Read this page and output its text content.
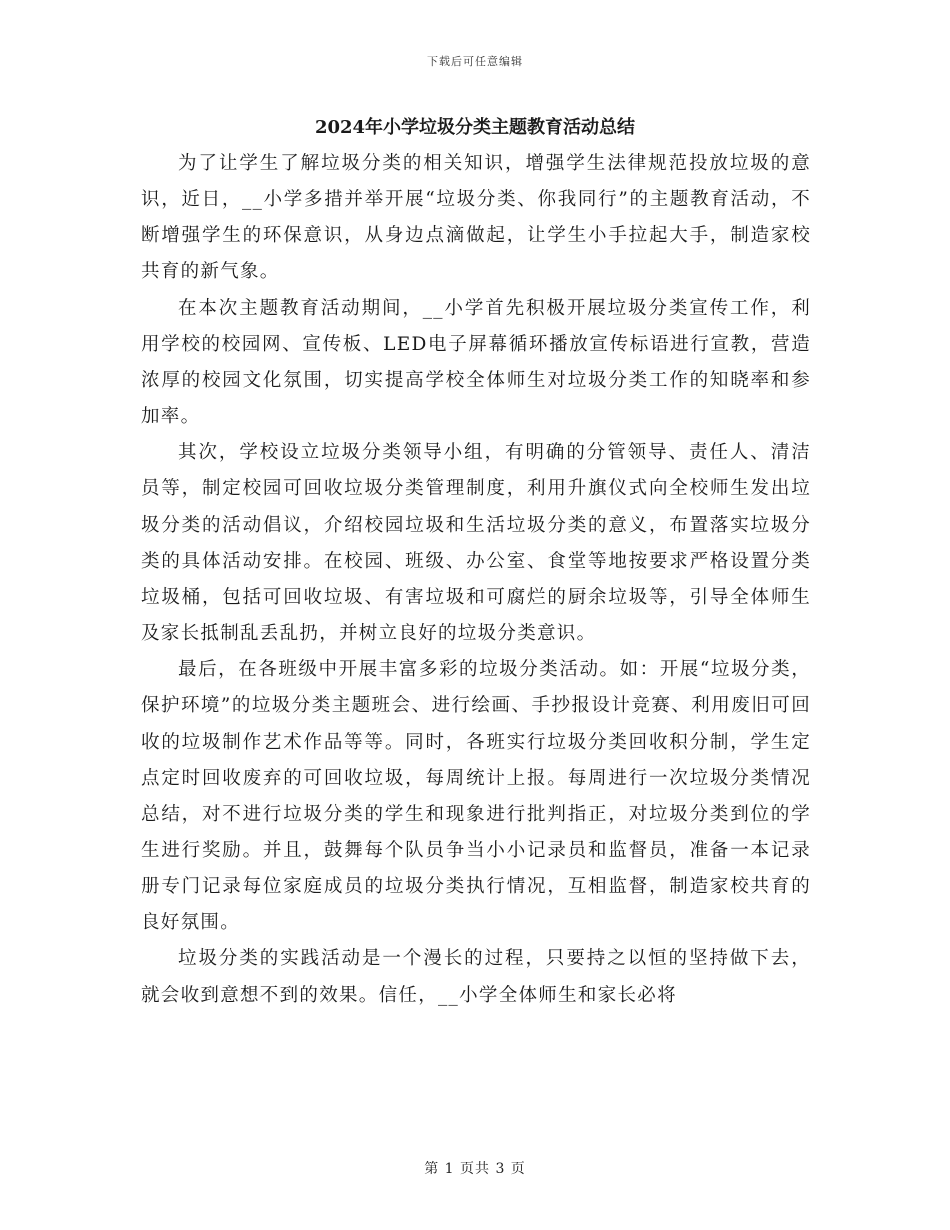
下载后可任意编辑
2024年小学垃圾分类主题教育活动总结

为了让学生了解垃圾分类的相关知识，增强学生法律规范投放垃圾的意识，近日，__小学多措并举开展“垃圾分类、你我同行”的主题教育活动，不断增强学生的环保意识，从身边点滴做起，让学生小手拉起大手，制造家校共育的新气象。

在本次主题教育活动期间，__小学首先积极开展垃圾分类宣传工作，利用学校的校园网、宣传板、LED电子屏幕循环播放宣传标语进行宣教，营造浓厚的校园文化氛围，切实提高学校全体师生对垃圾分类工作的知晓率和参加率。

其次，学校设立垃圾分类领导小组，有明确的分管领导、责任人、清洁员等，制定校园可回收垃圾分类管理制度，利用升旗仪式向全校师生发出垃圾分类的活动倡议，介绍校园垃圾和生活垃圾分类的意义，布置落实垃圾分类的具体活动安排。在校园、班级、办公室、食堂等地按要求严格设置分类垃圾桶，包括可回收垃圾、有害垃圾和可腐烂的厨余垃圾等，引导全体师生及家长抵制乱丢乱扔，并树立良好的垃圾分类意识。

最后，在各班级中开展丰富多彩的垃圾分类活动。如：开展“垃圾分类，保护环境”的垃圾分类主题班会、进行绘画、手抄报设计竞赛、利用废旧可回收的垃圾制作艺术作品等等。同时，各班实行垃圾分类回收积分制，学生定点定时回收废弃的可回收垃圾，每周统计上报。每周进行一次垃圾分类情况总结，对不进行垃圾分类的学生和现象进行批判指正，对垃圾分类到位的学生进行奖励。并且，鼓舞每个队员争当小小记录员和监督员，准备一本记录册专门记录每位家庭成员的垃圾分类执行情况，互相监督，制造家校共育的良好氛围。

垃圾分类的实践活动是一个漫长的过程，只要持之以恒的坚持做下去，就会收到意想不到的效果。信任，__小学全体师生和家长必将

第 1 页共 3 页
